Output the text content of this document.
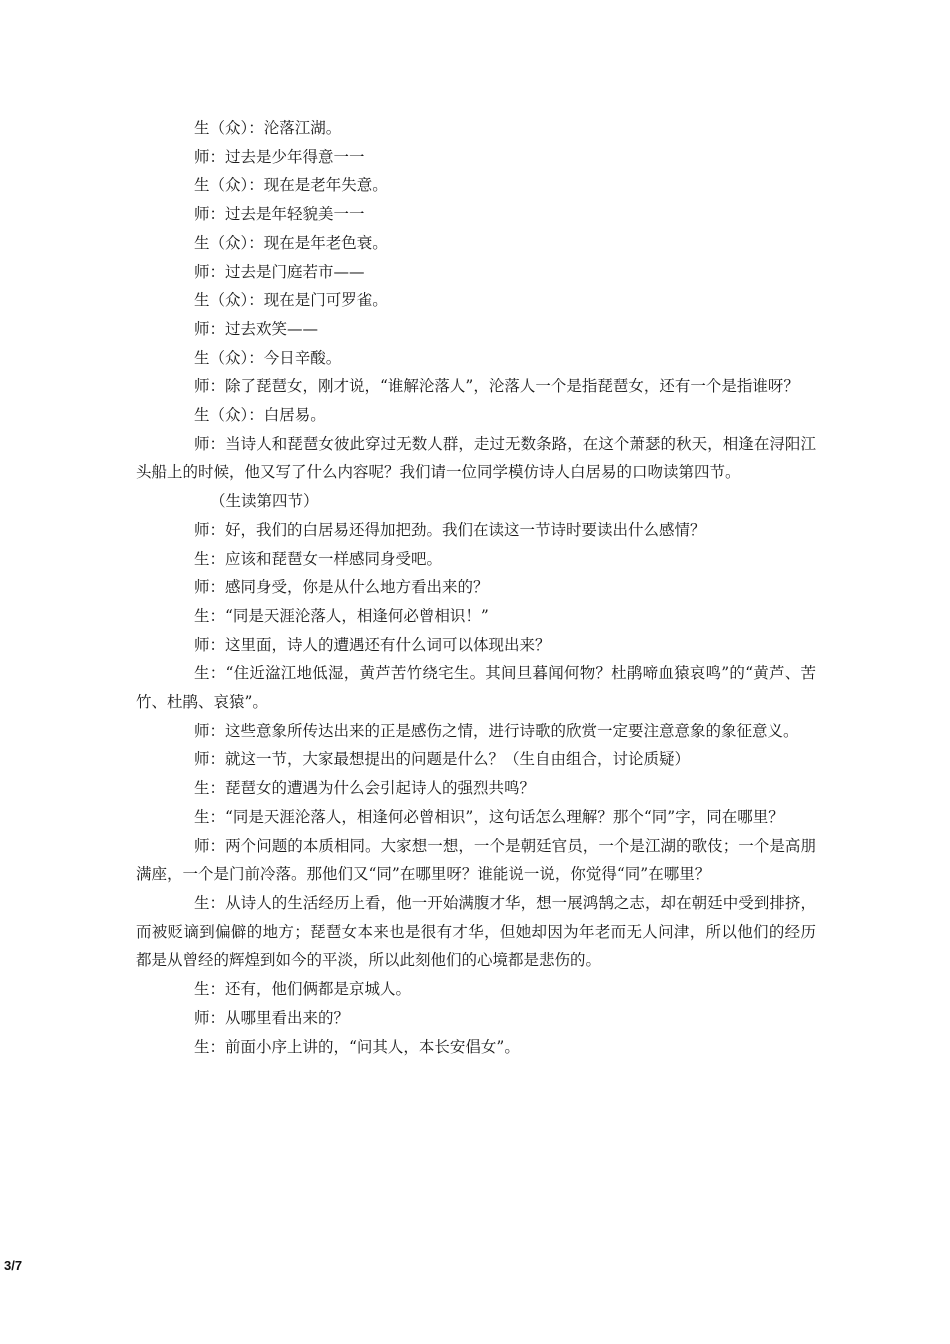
生（众）：沦落江湖。

师：过去是少年得意一一

生（众）：现在是老年失意。

师：过去是年轻貌美一一

生（众）：现在是年老色衰。

师：过去是门庭若市——

生（众）：现在是门可罗雀。

师：过去欢笑——

生（众）：今日辛酸。

师：除了琵琶女，刚才说，“谁解沦落人”，沦落人一个是指琵琶女，还有一个是指谁呀？

生（众）：白居易。

师：当诗人和琵琶女彼此穿过无数人群，走过无数条路，在这个萧瑟的秋天，相逢在浔阳江头船上的时候，他又写了什么内容呢？我们请一位同学模仿诗人白居易的口吻读第四节。

（生读第四节）

师：好，我们的白居易还得加把劲。我们在读这一节诗时要读出什么感情？

生：应该和琵琶女一样感同身受吧。

师：感同身受，你是从什么地方看出来的？

生：“同是天涯沦落人，相逢何必曾相识！”

师：这里面，诗人的遭遇还有什么词可以体现出来？

生：“住近湓江地低湿，黄芦苦竹绕宅生。其间旦暮闻何物？杜鹃啼血猿哀鸣”的“黄芦、苦竹、杜鹃、哀猿”。

师：这些意象所传达出来的正是感伤之情，进行诗歌的欣赏一定要注意意象的象征意义。

师：就这一节，大家最想提出的问题是什么？（生自由组合，讨论质疑）

生：琵琶女的遭遇为什么会引起诗人的强烈共鸣？

生：“同是天涯沦落人，相逢何必曾相识”，这句话怎么理解？那个“同”字，同在哪里？

师：两个问题的本质相同。大家想一想，一个是朝廷官员，一个是江湖的歌伎；一个是高朋满座，一个是门前冷落。那他们又“同”在哪里呀？谁能说一说，你觉得“同”在哪里？

生：从诗人的生活经历上看，他一开始满腹才华，想一展鸿鹄之志，却在朝廷中受到排挤，而被贬谪到偏僻的地方；琵琶女本来也是很有才华，但她却因为年老而无人问津，所以他们的经历都是从曾经的辉煌到如今的平淡，所以此刻他们的心境都是悲伤的。

生：还有，他们俩都是京城人。

师：从哪里看出来的？

生：前面小序上讲的，“问其人，本长安倡女”。

3/7
